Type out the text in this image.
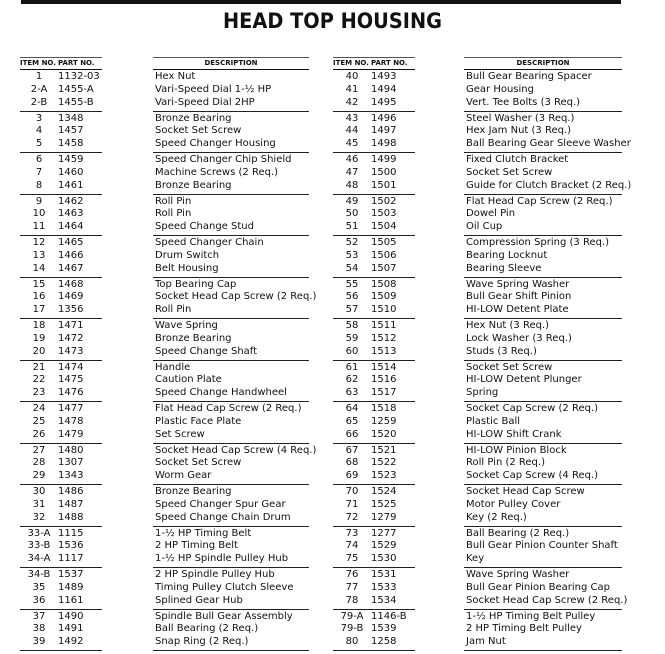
HEAD TOP HOUSING
ITEM NO. PART NO.
1 1132-03
2-A 1455-A
2-B 1455-B
3 1348
4 1457
5 1458
6 1459
7 1460
8 1461
9 1462
10 1463
11 1464
12 1465
13 1466
14 1467
15 1468
16 1469
17 1356
18 1471
19 1472
20 1473
21 1474
22 1475
23 1476
24 1477
25 1478
26 1479
27 1480
28 1307
29 1343
30 1486
31 1487
32 1488
33-A 1115
33-B 1536
34-A 1117
34-B 1537
35 1489
36 1161
37 1490
38 1491
39 1492
DESCRIPTION
Hex Nut
Vari-Speed Dial 1-½ HP
Vari-Speed Dial 2HP
Bronze Bearing
Socket Set Screw
Speed Changer Housing
Speed Changer Chip Shield
Machine Screws (2 Req.)
Bronze Bearing
Roll Pin
Roll Pin
Speed Change Stud
Speed Changer Chain
Drum Switch
Belt Housing
Top Bearing Cap
Socket Head Cap Screw (2 Req.)
Roll Pin
Wave Spring
Bronze Bearing
Speed Change Shaft
Handle
Caution Plate
Speed Change Handwheel
Flat Head Cap Screw (2 Req.)
Plastic Face Plate
Set Screw
Socket Head Cap Screw (4 Req.)
Socket Set Screw
Worm Gear
Bronze Bearing
Speed Changer Spur Gear
Speed Change Chain Drum
1-½ HP Timing Belt
2 HP Timing Belt
1-½ HP Spindle Pulley Hub
2 HP Spindle Pulley Hub
Timing Pulley Clutch Sleeve
Splined Gear Hub
Spindle Bull Gear Assembly
Ball Bearing (2 Req.)
Snap Ring (2 Req.)
ITEM NO. PART NO.
40 1493
41 1494
42 1495
43 1496
44 1497
45 1498
46 1499
47 1500
48 1501
49 1502
50 1503
51 1504
52 1505
53 1506
54 1507
55 1508
56 1509
57 1510
58 1511
59 1512
60 1513
61 1514
62 1516
63 1517
64 1518
65 1259
66 1520
67 1521
68 1522
69 1523
70 1524
71 1525
72 1279
73 1277
74 1529
75 1530
76 1531
77 1533
78 1534
79-A 1146-B
79-B 1539
80 1258
DESCRIPTION
Bull Gear Bearing Spacer
Gear Housing
Vert. Tee Bolts (3 Req.)
Steel Washer (3 Req.)
Hex Jam Nut (3 Req.)
Ball Bearing Gear Sleeve Washer
Fixed Clutch Bracket
Socket Set Screw
Guide for Clutch Bracket (2 Req.)
Flat Head Cap Screw (2 Req.)
Dowel Pin
Oil Cup
Compression Spring (3 Req.)
Bearing Locknut
Bearing Sleeve
Wave Spring Washer
Bull Gear Shift Pinion
HI-LOW Detent Plate
Hex Nut (3 Req.)
Lock Washer (3 Req.)
Studs (3 Req.)
Socket Set Screw
HI-LOW Detent Plunger
Spring
Socket Cap Screw (2 Req.)
Plastic Ball
HI-LOW Shift Crank
HI-LOW Pinion Block
Roll Pin (2 Req.)
Socket Cap Screw (4 Req.)
Socket Head Cap Screw
Motor Pulley Cover
Key (2 Req.)
Ball Bearing (2 Req.)
Bull Gear Pinion Counter Shaft
Key
Wave Spring Washer
Bull Gear Pinion Bearing Cap
Socket Head Cap Screw (2 Req.)
1-½ HP Timing Belt Pulley
2 HP Timing Belt Pulley
Jam Nut
